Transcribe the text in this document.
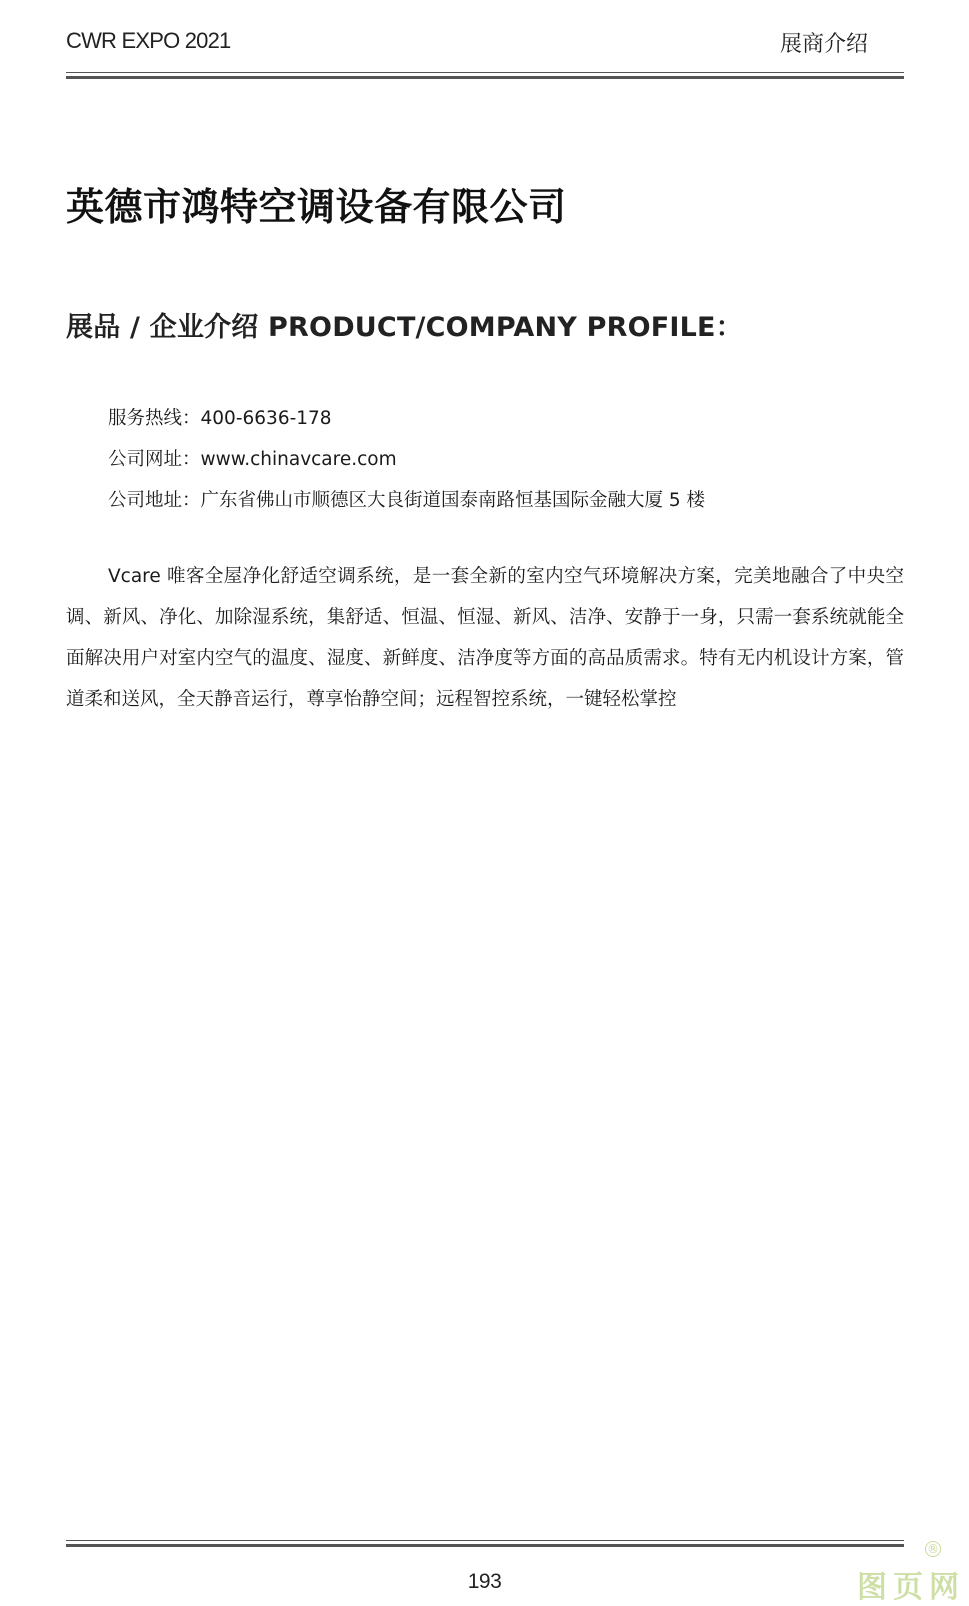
CWR EXPO 2021	展商介绍
英德市鸿特空调设备有限公司
展品 / 企业介绍 PRODUCT/COMPANY PROFILE：
服务热线：400-6636-178
公司网址：www.chinavcare.com
公司地址：广东省佛山市顺德区大良街道国泰南路恒基国际金融大厦 5 楼

Vcare 唯客全屋净化舒适空调系统，是一套全新的室内空气环境解决方案，完美地融合了中央空调、新风、净化、加除湿系统，集舒适、恒温、恒湿、新风、洁净、安静于一身，只需一套系统就能全面解决用户对室内空气的温度、湿度、新鲜度、洁净度等方面的高品质需求。特有无内机设计方案，管道柔和送风，全天静音运行，尊享怡静空间；远程智控系统，一键轻松掌控

193
®
图页网
